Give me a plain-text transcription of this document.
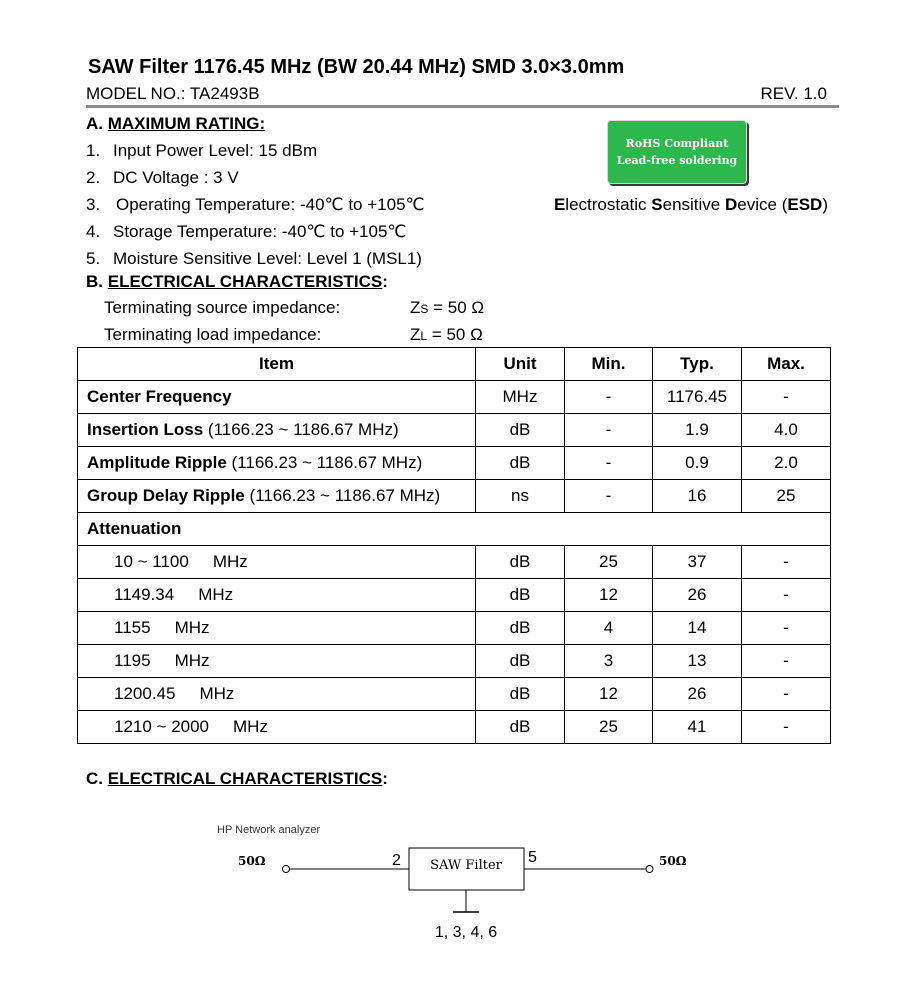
SAW Filter 1176.45 MHz (BW 20.44 MHz) SMD 3.0×3.0mm
MODEL NO.: TA2493B	REV. 1.0
A. MAXIMUM RATING:
1. Input Power Level: 15 dBm
2. DC Voltage : 3 V
3. Operating Temperature: -40℃ to +105℃
4. Storage Temperature: -40℃ to +105℃
5. Moisture Sensitive Level: Level 1 (MSL1)
RoHS Compliant
Lead-free soldering
Electrostatic Sensitive Device (ESD)
B. ELECTRICAL CHARACTERISTICS:
Terminating source impedance:	ZS = 50 Ω
Terminating load impedance:	ZL = 50 Ω
Item	Unit	Min.	Typ.	Max.
Center Frequency	MHz	-	1176.45	-
Insertion Loss (1166.23 ~ 1186.67 MHz)	dB	-	1.9	4.0
Amplitude Ripple (1166.23 ~ 1186.67 MHz)	dB	-	0.9	2.0
Group Delay Ripple (1166.23 ~ 1186.67 MHz)	ns	-	16	25
Attenuation				
10 ~ 1100 MHz	dB	25	37	-
1149.34 MHz	dB	12	26	-
1155 MHz	dB	4	14	-
1195 MHz	dB	3	13	-
1200.45 MHz	dB	12	26	-
1210 ~ 2000 MHz	dB	25	41	-
C. ELECTRICAL CHARACTERISTICS:
HP Network analyzer
50Ω	2 SAW Filter 5	50Ω
1, 3, 4, 6
